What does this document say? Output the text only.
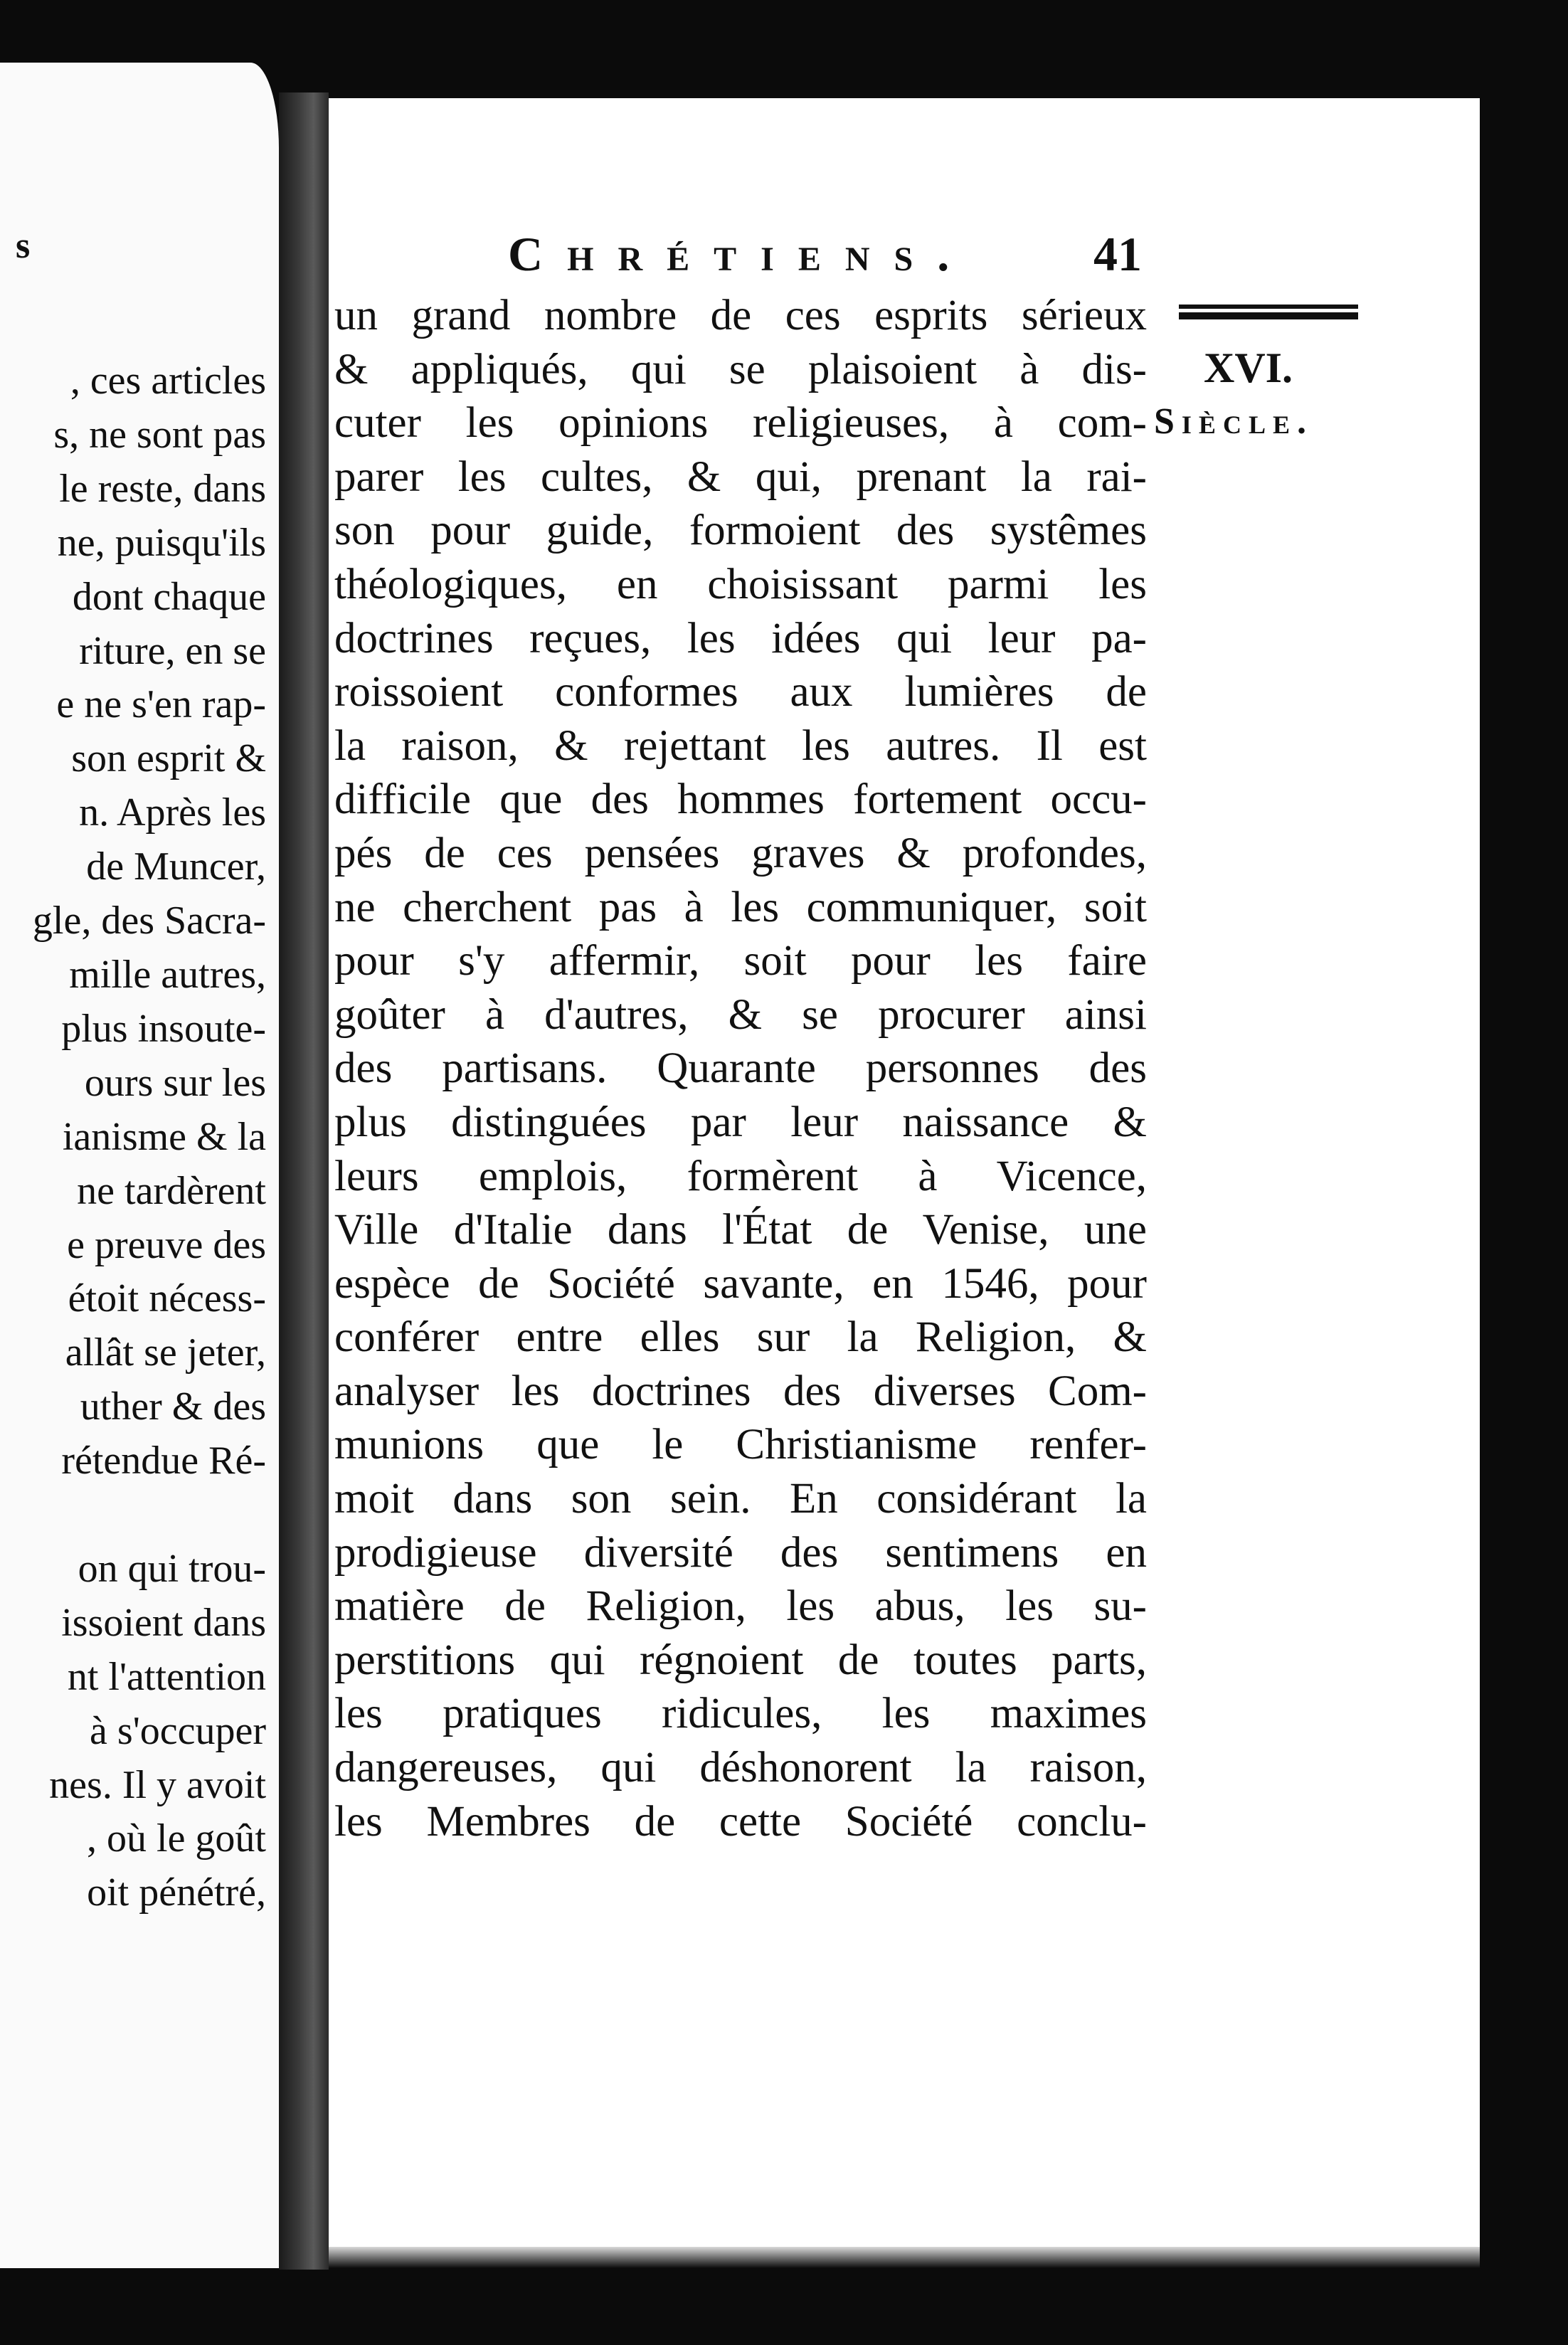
s
, ces articles
s, ne sont pas
le reste, dans
ne, puisqu'ils
dont chaque
riture, en se
e ne s'en rap-
son esprit &
n. Après les
de Muncer,
gle, des Sacra-
mille autres,
plus insoute-
ours sur les
ianisme & la
ne tardèrent
e preuve des
étoit nécess-
allât se jeter,
uther & des
rétendue Ré-

on qui trou-
issoient dans
nt l'attention
à s'occuper
nes. Il y avoit
, où le goût
oit pénétré,
Chrétiens. 41
un grand nombre de ces esprits sérieux
& appliqués, qui se plaisoient à dis-
cuter les opinions religieuses, à com-
parer les cultes, & qui, prenant la rai-
son pour guide, formoient des systêmes
théologiques, en choisissant parmi les
doctrines reçues, les idées qui leur pa-
roissoient conformes aux lumières de
la raison, & rejettant les autres. Il est
difficile que des hommes fortement occu-
pés de ces pensées graves & profondes,
ne cherchent pas à les communiquer, soit
pour s'y affermir, soit pour les faire
goûter à d'autres, & se procurer ainsi
des partisans. Quarante personnes des
plus distinguées par leur naissance &
leurs emplois, formèrent à Vicence,
Ville d'Italie dans l'État de Venise, une
espèce de Société savante, en 1546, pour
conférer entre elles sur la Religion, &
analyser les doctrines des diverses Com-
munions que le Christianisme renfer-
moit dans son sein. En considérant la
prodigieuse diversité des sentimens en
matière de Religion, les abus, les su-
perstitions qui régnoient de toutes parts,
les pratiques ridicules, les maximes
dangereuses, qui déshonorent la raison,
les Membres de cette Société conclu-
XVI.
Siècle.
